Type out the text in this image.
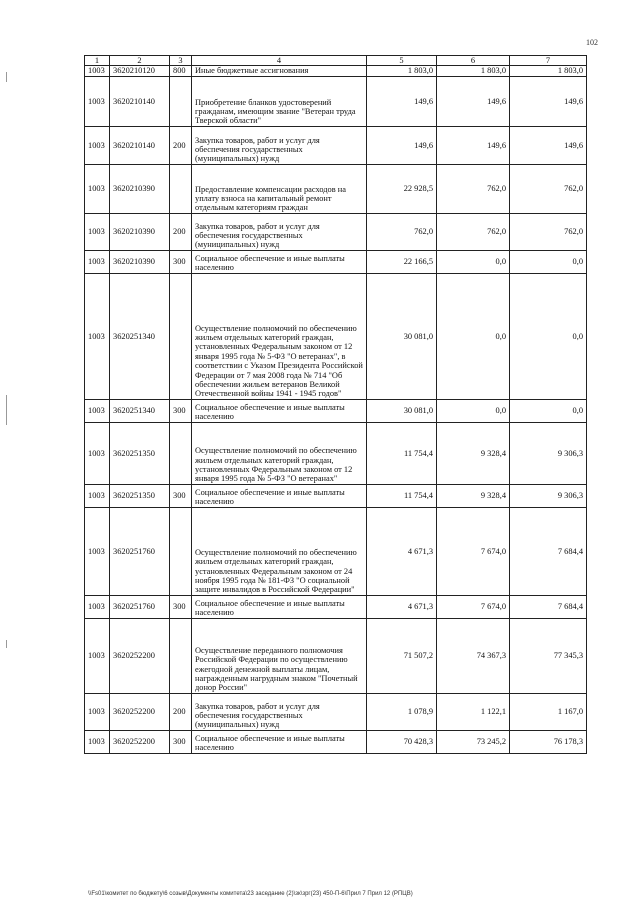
102
1	2	3	4	5	6	7
1003	3620210120	800	Иные бюджетные ассигнования	1 803,0	1 803,0	1 803,0
1003	3620210140		Приобретение бланков удостоверений гражданам, имеющим звание "Ветеран труда Тверской области"	149,6	149,6	149,6
1003	3620210140	200	Закупка товаров, работ и услуг для обеспечения государственных (муниципальных) нужд	149,6	149,6	149,6
1003	3620210390		Предоставление компенсации расходов на уплату взноса на капитальный ремонт отдельным категориям граждан	22 928,5	762,0	762,0
1003	3620210390	200	Закупка товаров, работ и услуг для обеспечения государственных (муниципальных) нужд	762,0	762,0	762,0
1003	3620210390	300	Социальное обеспечение и иные выплаты населению	22 166,5	0,0	0,0
1003	3620251340		Осуществление полномочий по обеспечению жильем отдельных категорий граждан, установленных Федеральным законом от 12 января 1995 года № 5-ФЗ "О ветеранах", в соответствии с Указом Президента Российской Федерации от 7 мая 2008 года № 714 "Об обеспечении жильем ветеранов Великой Отечественной войны 1941 - 1945 годов"	30 081,0	0,0	0,0
1003	3620251340	300	Социальное обеспечение и иные выплаты населению	30 081,0	0,0	0,0
1003	3620251350		Осуществление полномочий по обеспечению жильем отдельных категорий граждан, установленных Федеральным законом от 12 января 1995 года № 5-ФЗ "О ветеранах"	11 754,4	9 328,4	9 306,3
1003	3620251350	300	Социальное обеспечение и иные выплаты населению	11 754,4	9 328,4	9 306,3
1003	3620251760		Осуществление полномочий по обеспечению жильем отдельных категорий граждан, установленных Федеральным законом от 24 ноября 1995 года № 181-ФЗ "О социальной защите инвалидов в Российской Федерации"	4 671,3	7 674,0	7 684,4
1003	3620251760	300	Социальное обеспечение и иные выплаты населению	4 671,3	7 674,0	7 684,4
1003	3620252200		Осуществление переданного полномочия Российской Федерации по осуществлению ежегодной денежной выплаты лицам, награжденным нагрудным знаком "Почетный донор России"	71 507,2	74 367,3	77 345,3
1003	3620252200	200	Закупка товаров, работ и услуг для обеспечения государственных (муниципальных) нужд	1 078,9	1 122,1	1 167,0
1003	3620252200	300	Социальное обеспечение и иные выплаты населению	70 428,3	73 245,2	76 178,3
\\Fs01\комитет по бюджету\6 созыв\Документы комитета\23 заседание (2)\зк\зрг(23) 450-П-6\Прил 7 Прил 12 (РПЦВ)
